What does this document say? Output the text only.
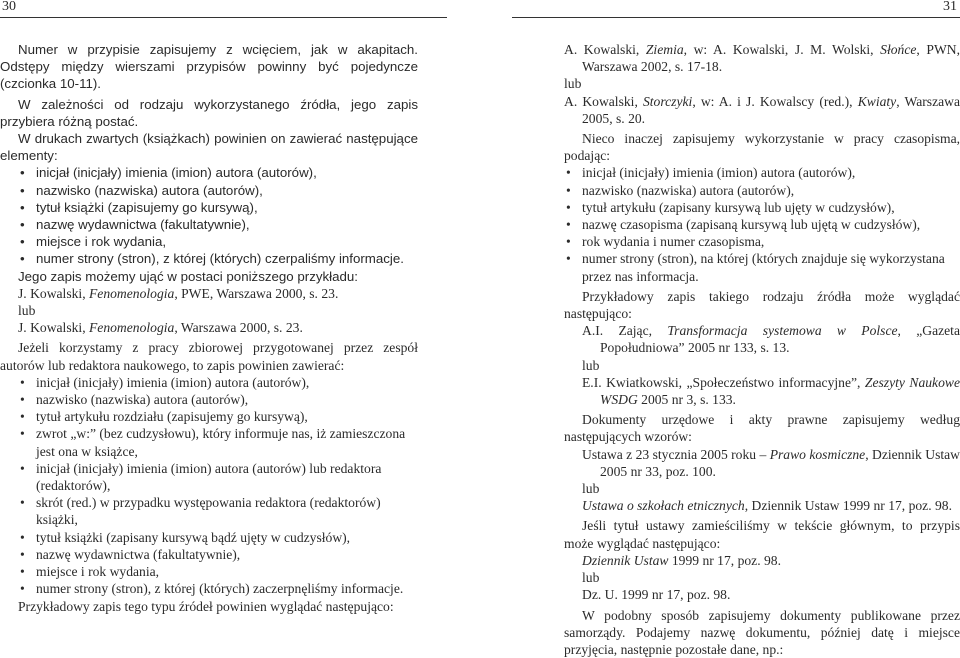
30	31

Numer w przypisie zapisujemy z wcięciem, jak w akapitach. Odstępy między wierszami przypisów powinny być pojedyncze (czcionka 10-11).

W zależności od rodzaju wykorzystanego źródła, jego zapis przybiera różną postać.

W drukach zwartych (książkach) powinien on zawierać następujące elementy:

• inicjał (inicjały) imienia (imion) autora (autorów),
• nazwisko (nazwiska) autora (autorów),
• tytuł książki (zapisujemy go kursywą),
• nazwę wydawnictwa (fakultatywnie),
• miejsce i rok wydania,
• numer strony (stron), z której (których) czerpaliśmy informacje.

Jego zapis możemy ująć w postaci poniższego przykładu:

J. Kowalski, Fenomenologia, PWE, Warszawa 2000, s. 23.

lub

J. Kowalski, Fenomenologia, Warszawa 2000, s. 23.

Jeżeli korzystamy z pracy zbiorowej przygotowanej przez zespół autorów lub redaktora naukowego, to zapis powinien zawierać:

• inicjał (inicjały) imienia (imion) autora (autorów),
• nazwisko (nazwiska) autora (autorów),
• tytuł artykułu rozdziału (zapisujemy go kursywą),
• zwrot „w:” (bez cudzysłowu), który informuje nas, iż zamieszczona jest ona w książce,
• inicjał (inicjały) imienia (imion) autora (autorów) lub redaktora (redaktorów),
• skrót (red.) w przypadku występowania redaktora (redaktorów) książki,
• tytuł książki (zapisany kursywą bądź ujęty w cudzysłów),
• nazwę wydawnictwa (fakultatywnie),
• miejsce i rok wydania,
• numer strony (stron), z której (których) zaczerpnęliśmy informacje.

Przykładowy zapis tego typu źródeł powinien wyglądać następująco:

A. Kowalski, Ziemia, w: A. Kowalski, J. M. Wolski, Słońce, PWN, Warszawa 2002, s. 17-18.

lub

A. Kowalski, Storczyki, w: A. i J. Kowalscy (red.), Kwiaty, Warszawa 2005, s. 20.

Nieco inaczej zapisujemy wykorzystanie w pracy czasopisma, podając:

• inicjał (inicjały) imienia (imion) autora (autorów),
• nazwisko (nazwiska) autora (autorów),
• tytuł artykułu (zapisany kursywą lub ujęty w cudzysłów),
• nazwę czasopisma (zapisaną kursywą lub ujętą w cudzysłów),
• rok wydania i numer czasopisma,
• numer strony (stron), na której (których znajduje się wykorzystana przez nas informacja.

Przykładowy zapis takiego rodzaju źródła może wyglądać następująco:

A.I. Zając, Transformacja systemowa w Polsce, „Gazeta Popołudniowa” 2005 nr 133, s. 13.

lub

E.I. Kwiatkowski, „Społeczeństwo informacyjne”, Zeszyty Naukowe WSDG 2005 nr 3, s. 133.

Dokumenty urzędowe i akty prawne zapisujemy według następujących wzorów:

Ustawa z 23 stycznia 2005 roku – Prawo kosmiczne, Dziennik Ustaw 2005 nr 33, poz. 100.

lub

Ustawa o szkołach etnicznych, Dziennik Ustaw 1999 nr 17, poz. 98.

Jeśli tytuł ustawy zamieściliśmy w tekście głównym, to przypis może wyglądać następująco:

Dziennik Ustaw 1999 nr 17, poz. 98.

lub

Dz. U. 1999 nr 17, poz. 98.

W podobny sposób zapisujemy dokumenty publikowane przez samorządy. Podajemy nazwę dokumentu, później datę i miejsce przyjęcia, następnie pozostałe dane, np.:
